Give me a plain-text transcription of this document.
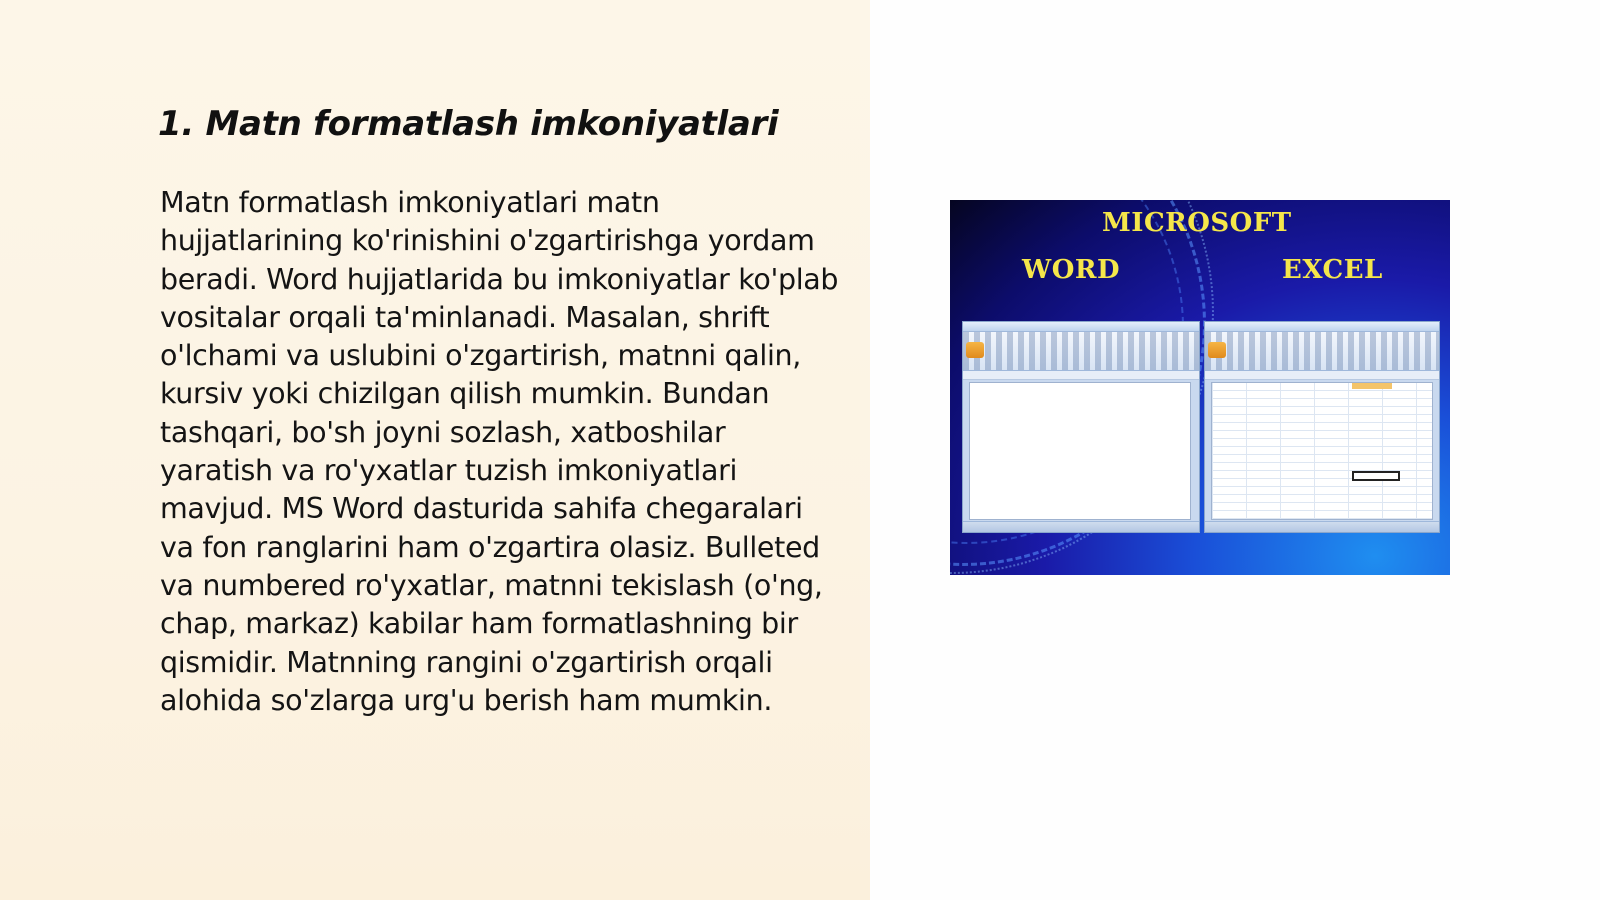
1. Matn formatlash imkoniyatlari

Matn formatlash imkoniyatlari matn hujjatlarining ko'rinishini o'zgartirishga yordam beradi. Word hujjatlarida bu imkoniyatlar ko'plab vositalar orqali ta'minlanadi. Masalan, shrift o'lchami va uslubini o'zgartirish, matnni qalin, kursiv yoki chizilgan qilish mumkin. Bundan tashqari, bo'sh joyni sozlash, xatboshilar yaratish va ro'yxatlar tuzish imkoniyatlari mavjud. MS Word dasturida sahifa chegaralari va fon ranglarini ham o'zgartira olasiz. Bulleted va numbered ro'yxatlar, matnni tekislash (o'ng, chap, markaz) kabilar ham formatlashning bir qismidir. Matnning rangini o'zgartirish orqali alohida so'zlarga urg'u berish ham mumkin.

MICROSOFT
WORD	EXCEL
